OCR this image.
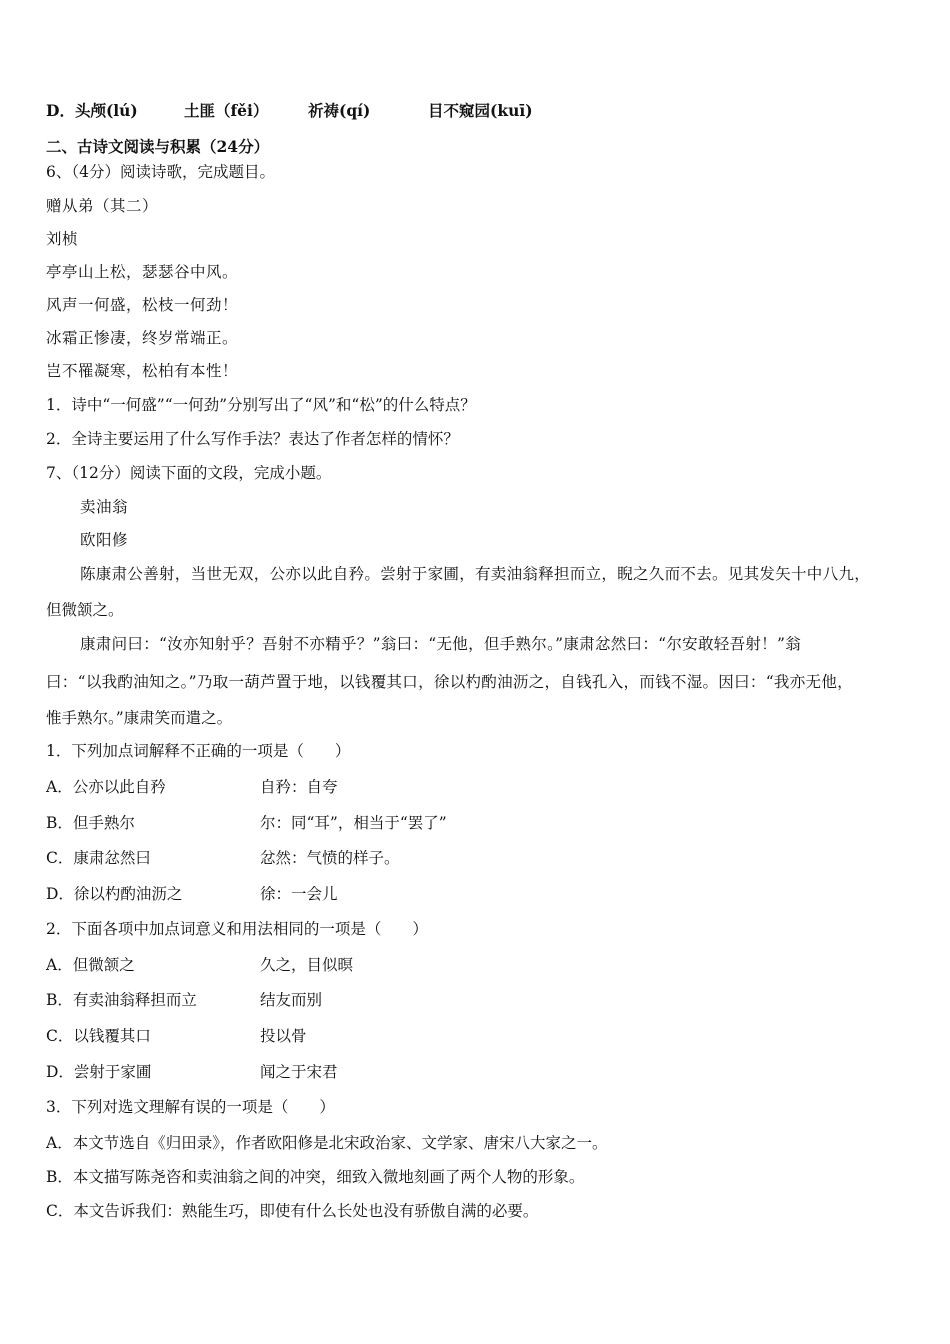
D．头颅(lú)	土匪（fěi）	祈祷(qí)	目不窥园(kuī)
二、古诗文阅读与积累（24分）
6、（4分）阅读诗歌，完成题目。
赠从弟（其二）
刘桢
亭亭山上松，瑟瑟谷中风。
风声一何盛，松枝一何劲！
冰霜正惨凄，终岁常端正。
岂不罹凝寒，松柏有本性！
1．诗中“一何盛”“一何劲”分别写出了“风”和“松”的什么特点？
2．全诗主要运用了什么写作手法？表达了作者怎样的情怀？
7、（12分）阅读下面的文段，完成小题。
卖油翁
欧阳修
陈康肃公善射，当世无双，公亦以此自矜。尝射于家圃，有卖油翁释担而立，睨之久而不去。见其发矢十中八九，
但微颔之。
康肃问曰：“汝亦知射乎？吾射不亦精乎？”翁曰：“无他，但手熟尔。”康肃忿然曰：“尔安敢轻吾射！”翁
曰：“以我酌油知之。”乃取一葫芦置于地，以钱覆其口，徐以杓酌油沥之，自钱孔入，而钱不湿。因曰：“我亦无他，
惟手熟尔。”康肃笑而遣之。
1．下列加点词解释不正确的一项是（　　）
A．公亦以此自矜	自矜：自夸
B．但手熟尔	尔：同“耳”，相当于“罢了”
C．康肃忿然曰	忿然：气愤的样子。
D．徐以杓酌油沥之	徐：一会儿
2．下面各项中加点词意义和用法相同的一项是（　　）
A．但微颔之	久之，目似暝
B．有卖油翁释担而立	结友而别
C．以钱覆其口	投以骨
D．尝射于家圃	闻之于宋君
3．下列对选文理解有误的一项是（　　）
A．本文节选自《归田录》，作者欧阳修是北宋政治家、文学家、唐宋八大家之一。
B．本文描写陈尧咨和卖油翁之间的冲突，细致入微地刻画了两个人物的形象。
C．本文告诉我们：熟能生巧，即使有什么长处也没有骄傲自满的必要。
